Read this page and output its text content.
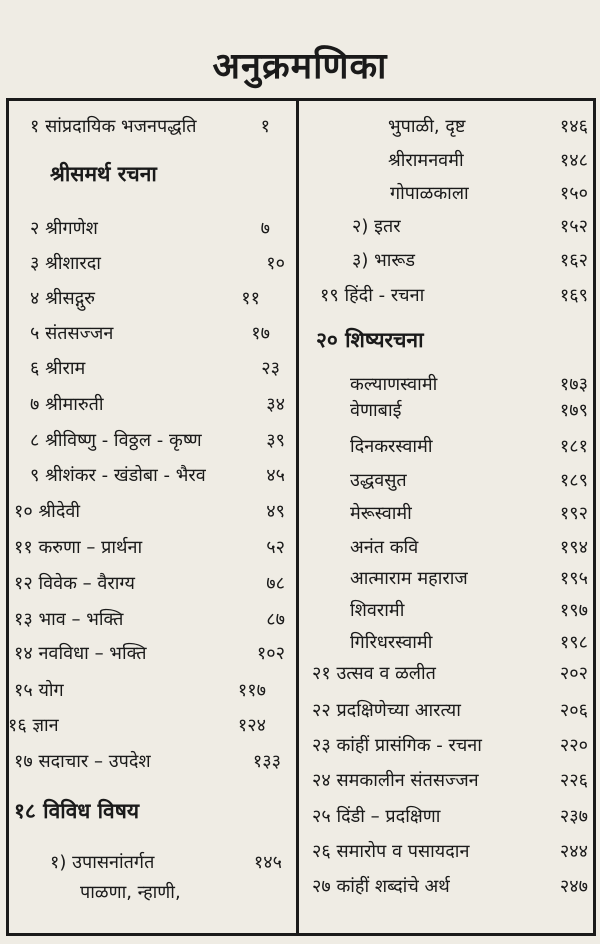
अनुक्रमणिका
१ सांप्रदायिक भजनपद्धति	१
श्रीसमर्थ रचना
२ श्रीगणेश	७
३ श्रीशारदा	१०
४ श्रीसद्गुरु	११
५ संतसज्जन	१७
६ श्रीराम	२३
७ श्रीमारुती	३४
८ श्रीविष्णु - विठ्ठल - कृष्ण	३९
९ श्रीशंकर - खंडोबा - भैरव	४५
१० श्रीदेवी	४९
११ करुणा – प्रार्थना	५२
१२ विवेक – वैराग्य	७८
१३ भाव – भक्ति	८७
१४ नवविधा – भक्ति	१०२
१५ योग	११७
१६ ज्ञान	१२४
१७ सदाचार – उपदेश	१३३
१८ विविध विषय
१) उपासनांतर्गत	१४५
पाळणा, न्हाणी,
भुपाळी, दृष्ट	१४६
श्रीरामनवमी	१४८
गोपाळकाला	१५०
२) इतर	१५२
३) भारूड	१६२
१९ हिंदी - रचना	१६९
२० शिष्यरचना
कल्याणस्वामी	१७३
वेणाबाई	१७९
दिनकरस्वामी	१८१
उद्धवसुत	१८९
मेरूस्वामी	१९२
अनंत कवि	१९४
आत्माराम महाराज	१९५
शिवरामी	१९७
गिरिधरस्वामी	१९८
२१ उत्सव व ळलीत	२०२
२२ प्रदक्षिणेच्या आरत्या	२०६
२३ कांहीं प्रासंगिक - रचना	२२०
२४ समकालीन संतसज्जन	२२६
२५ दिंडी – प्रदक्षिणा	२३७
२६ समारोप व पसायदान	२४४
२७ कांहीं शब्दांचे अर्थ	२४७
